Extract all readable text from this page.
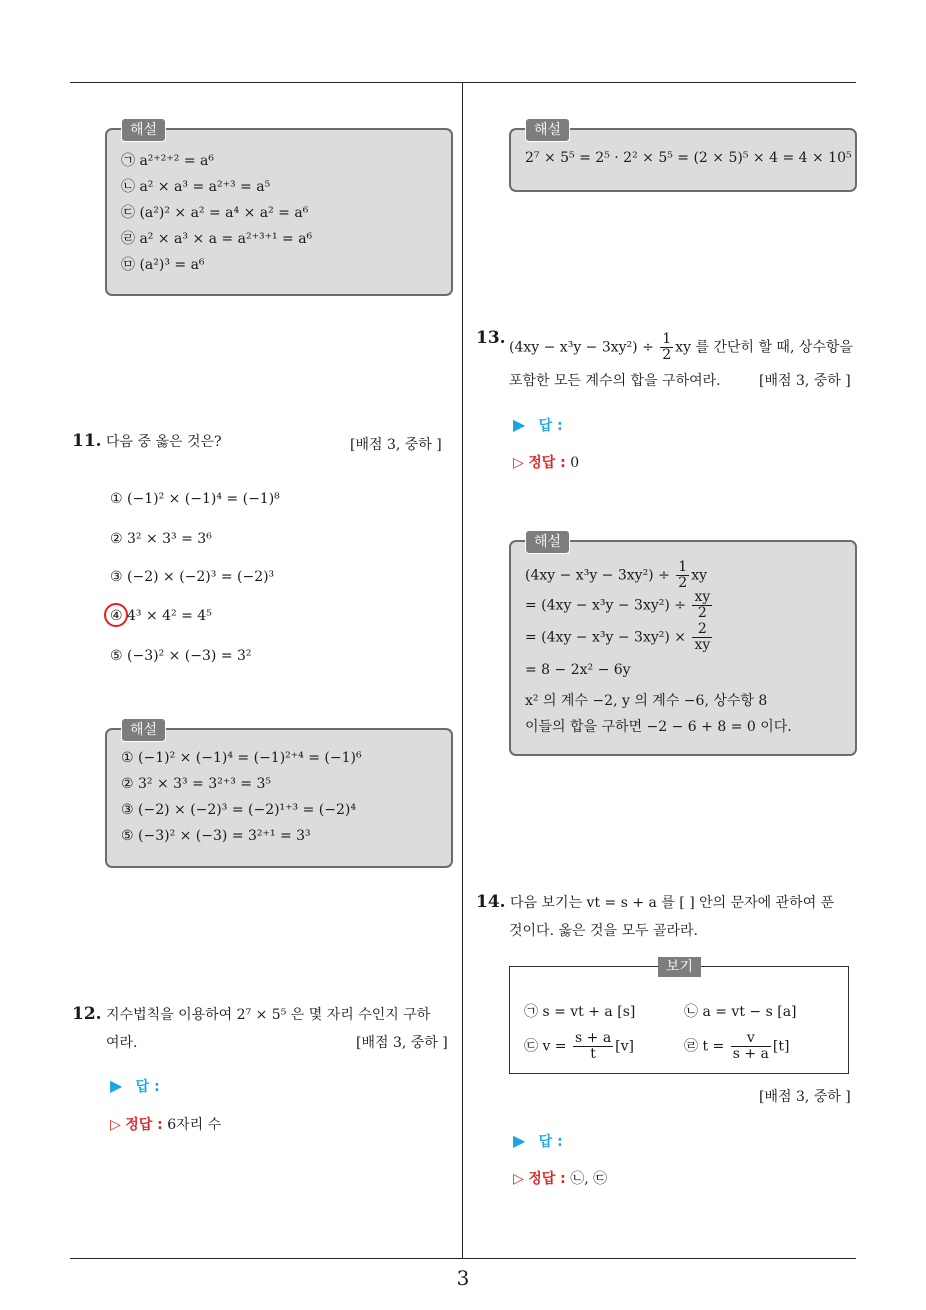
3
해설
㉠ a²⁺²⁺² = a⁶
㉡ a² × a³ = a²⁺³ = a⁵
㉢ (a²)² × a² = a⁴ × a² = a⁶
㉣ a² × a³ × a = a²⁺³⁺¹ = a⁶
㉤ (a²)³ = a⁶
11. 다음 중 옳은 것은?	[배점 3, 중하 ]
① (−1)² × (−1)⁴ = (−1)⁸
② 3² × 3³ = 3⁶
③ (−2) × (−2)³ = (−2)³
④ 4³ × 4² = 4⁵
⑤ (−3)² × (−3) = 3²
해설
① (−1)² × (−1)⁴ = (−1)²⁺⁴ = (−1)⁶
② 3² × 3³ = 3²⁺³ = 3⁵
③ (−2) × (−2)³ = (−2)¹⁺³ = (−2)⁴
⑤ (−3)² × (−3) = 3²⁺¹ = 3³
12. 지수법칙을 이용하여 2⁷ × 5⁵ 은 몇 자리 수인지 구하
여라.	[배점 3, 중하 ]
▶ 답 :
▷ 정답 : 6자리 수
해설
2⁷ × 5⁵ = 2⁵ · 2² × 5⁵ = (2 × 5)⁵ × 4 = 4 × 10⁵
13. $(4xy - x^3y - 3xy^2) \div \frac{1}{2}$ xy 를 간단히 할 때, 상수항을
포함한 모든 계수의 합을 구하여라.	[배점 3, 중하 ]
▶ 답 :
▷ 정답 : 0
해설
$(4xy - x^3y - 3xy^2) \div \frac{1}{2}$ xy
= $(4xy - x^3y - 3xy^2) \div \frac{xy}{2}$
= $(4xy - x^3y - 3xy^2) \times \frac{2}{xy}$
= 8 − 2x² − 6y
x² 의 계수 −2, y 의 계수 −6, 상수항 8
이들의 합을 구하면 −2 − 6 + 8 = 0 이다.
14. 다음 보기는 vt = s + a 를 [ ] 안의 문자에 관하여 푼
것이다. 옳은 것을 모두 골라라.
보기
㉠ s = vt + a [s]	㉡ a = vt − s [a]
㉢ $v = \frac{s + a}{t} [v]$	㉣ $t = \frac{v}{s + a} [t]$
[배점 3, 중하 ]
▶ 답 :
▷ 정답 : ㉡, ㉢
